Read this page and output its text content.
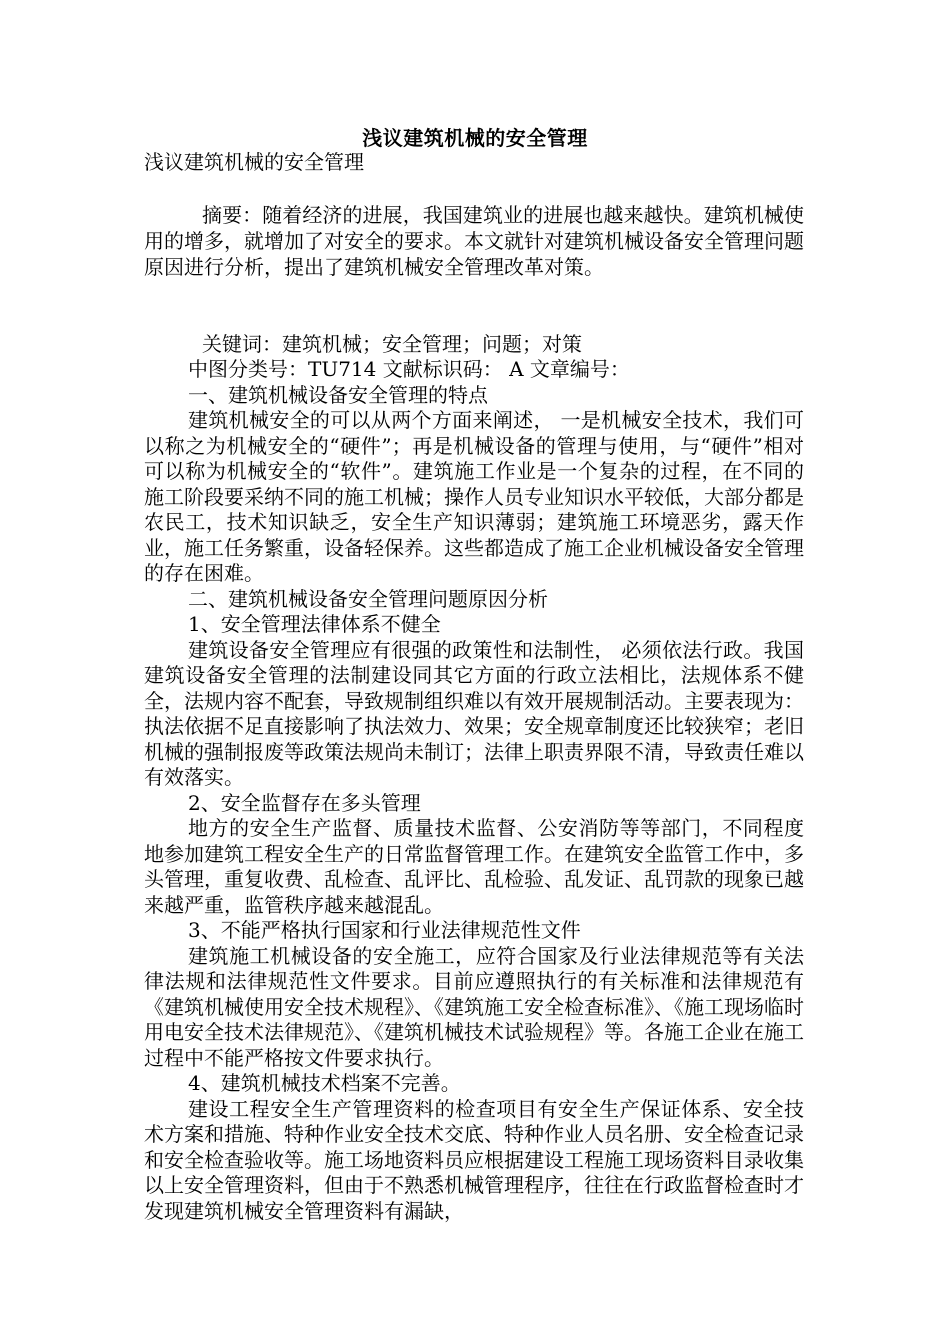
浅议建筑机械的安全管理

浅议建筑机械的安全管理

摘要：随着经济的进展，我国建筑业的进展也越来越快。建筑机械使用的增多，就增加了对安全的要求。本文就针对建筑机械设备安全管理问题原因进行分析，提出了建筑机械安全管理改革对策。

关键词：建筑机械；安全管理；问题；对策

中图分类号：TU714 文献标识码： A 文章编号：

一、建筑机械设备安全管理的特点

建筑机械安全的可以从两个方面来阐述， 一是机械安全技术，我们可以称之为机械安全的“硬件”；再是机械设备的管理与使用，与“硬件”相对可以称为机械安全的“软件”。建筑施工作业是一个复杂的过程，在不同的施工阶段要采纳不同的施工机械；操作人员专业知识水平较低，大部分都是农民工，技术知识缺乏，安全生产知识薄弱；建筑施工环境恶劣，露天作业，施工任务繁重，设备轻保养。这些都造成了施工企业机械设备安全管理的存在困难。

二、建筑机械设备安全管理问题原因分析

1、安全管理法律体系不健全

建筑设备安全管理应有很强的政策性和法制性， 必须依法行政。我国建筑设备安全管理的法制建设同其它方面的行政立法相比，法规体系不健全，法规内容不配套，导致规制组织难以有效开展规制活动。主要表现为：执法依据不足直接影响了执法效力、效果；安全规章制度还比较狭窄；老旧机械的强制报废等政策法规尚未制订；法律上职责界限不清，导致责任难以有效落实。

2、安全监督存在多头管理

地方的安全生产监督、质量技术监督、公安消防等等部门，不同程度地参加建筑工程安全生产的日常监督管理工作。在建筑安全监管工作中，多头管理，重复收费、乱检查、乱评比、乱检验、乱发证、乱罚款的现象已越来越严重，监管秩序越来越混乱。

3、不能严格执行国家和行业法律规范性文件

建筑施工机械设备的安全施工，应符合国家及行业法律规范等有关法律法规和法律规范性文件要求。目前应遵照执行的有关标准和法律规范有《建筑机械使用安全技术规程》、《建筑施工安全检查标准》、《施工现场临时用电安全技术法律规范》、《建筑机械技术试验规程》等。各施工企业在施工过程中不能严格按文件要求执行。

4、建筑机械技术档案不完善。

建设工程安全生产管理资料的检查项目有安全生产保证体系、安全技术方案和措施、特种作业安全技术交底、特种作业人员名册、安全检查记录和安全检查验收等。施工场地资料员应根据建设工程施工现场资料目录收集以上安全管理资料，但由于不熟悉机械管理程序，往往在行政监督检查时才发现建筑机械安全管理资料有漏缺，
